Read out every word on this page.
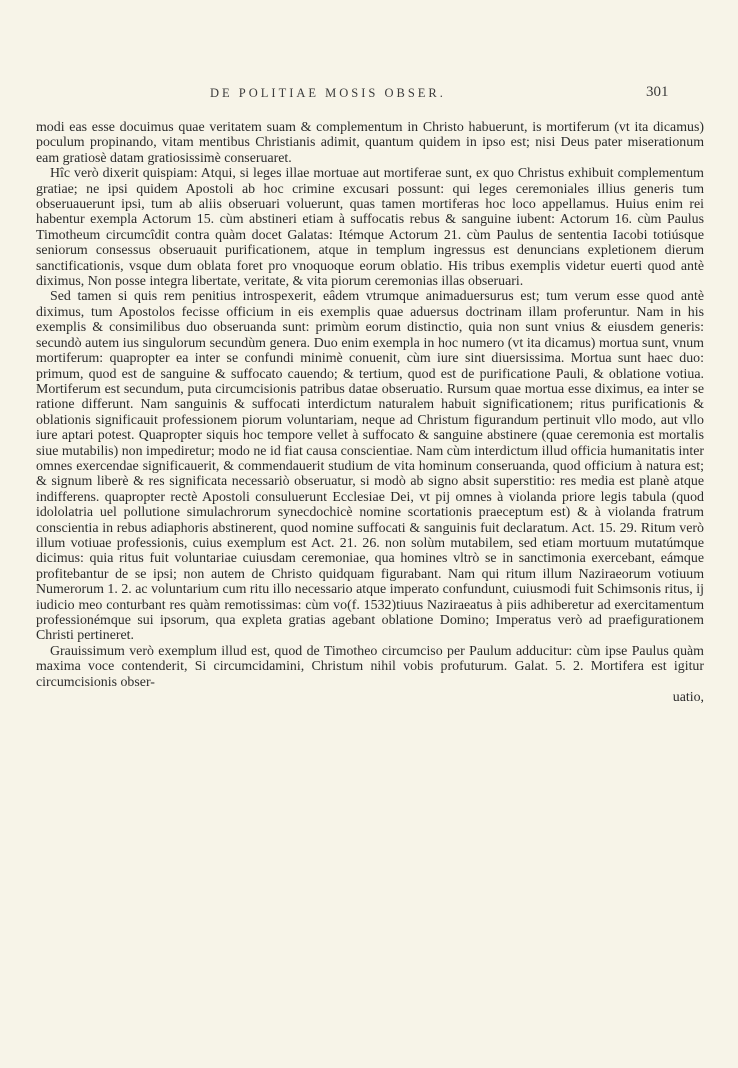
DE POLITIAE MOSIS OBSER.	301

modi eas esse docuimus quae veritatem suam & complementum in Christo habuerunt, is mortiferum (vt ita dicamus) poculum propinando, vitam mentibus Christianis adimit, quantum quidem in ipso est; nisi Deus pater miserationum eam gratiosè datam gratiosissimè conseruaret.

Hîc verò dixerit quispiam: Atqui, si leges illae mortuae aut mortiferae sunt, ex quo Christus exhibuit complementum gratiae; ne ipsi quidem Apostoli ab hoc crimine excusari possunt: qui leges ceremoniales illius generis tum obseruauerunt ipsi, tum ab aliis obseruari voluerunt, quas tamen mortiferas hoc loco appellamus. Huius enim rei habentur exempla Actorum 15. cùm abstineri etiam à suffocatis rebus & sanguine iubent: Actorum 16. cùm Paulus Timotheum circumcîdit contra quàm docet Galatas: Itémque Actorum 21. cùm Paulus de sententia Iacobi totiúsque seniorum consessus obseruauit purificationem, atque in templum ingressus est denuncians expletionem dierum sanctificationis, vsque dum oblata foret pro vnoquoque eorum oblatio. His tribus exemplis videtur euerti quod antè diximus, Non posse integra libertate, veritate, & vita piorum ceremonias illas obseruari.

Sed tamen si quis rem penitius introspexerit, eâdem vtrumque animaduersurus est; tum verum esse quod antè diximus, tum Apostolos fecisse officium in eis exemplis quae aduersus doctrinam illam proferuntur. Nam in his exemplis & consimilibus duo obseruanda sunt: primùm eorum distinctio, quia non sunt vnius & eiusdem generis: secundò autem ius singulorum secundùm genera. Duo enim exempla in hoc numero (vt ita dicamus) mortua sunt, vnum mortiferum: quapropter ea inter se confundi minimè conuenit, cùm iure sint diuersissima. Mortua sunt haec duo: primum, quod est de sanguine & suffocato cauendo; & tertium, quod est de purificatione Pauli, & oblatione votiua. Mortiferum est secundum, puta circumcisionis patribus datae obseruatio. Rursum quae mortua esse diximus, ea inter se ratione differunt. Nam sanguinis & suffocati interdictum naturalem habuit significationem; ritus purificationis & oblationis significauit professionem piorum voluntariam, neque ad Christum figurandum pertinuit vllo modo, aut vllo iure aptari potest. Quapropter siquis hoc tempore vellet à suffocato & sanguine abstinere (quae ceremonia est mortalis siue mutabilis) non impediretur; modo ne id fiat causa conscientiae. Nam cùm interdictum illud officia humanitatis inter omnes exercendae significauerit, & commendauerit studium de vita hominum conseruanda, quod officium à natura est; & signum liberè & res significata necessariò obseruatur, si modò ab signo absit superstitio: res media est planè atque indifferens. quapropter rectè Apostoli consuluerunt Ecclesiae Dei, vt pij omnes à violanda priore legis tabula (quod idololatria uel pollutione simulachrorum synecdochicè nomine scortationis praeceptum est) & à violanda fratrum conscientia in rebus adiaphoris abstinerent, quod nomine suffocati & sanguinis fuit declaratum. Act. 15. 29. Ritum verò illum votiuae professionis, cuius exemplum est Act. 21. 26. non solùm mutabilem, sed etiam mortuum mutatúmque dicimus: quia ritus fuit voluntariae cuiusdam ceremoniae, qua homines vltrò se in sanctimonia exercebant, eámque profitebantur de se ipsi; non autem de Christo quidquam figurabant. Nam qui ritum illum Naziraeorum votiuum Numerorum 1. 2. ac voluntarium cum ritu illo necessario atque imperato confundunt, cuiusmodi fuit Schimsonis ritus, ij iudicio meo conturbant res quàm remotissimas: cùm vo(f. 1532)tiuus Naziraeatus à piis adhiberetur ad exercitamentum professionémque sui ipsorum, qua expleta gratias agebant oblatione Domino; Imperatus verò ad praefigurationem Christi pertineret.

Grauissimum verò exemplum illud est, quod de Timotheo circumciso per Paulum adducitur: cùm ipse Paulus quàm maxima voce contenderit, Si circumcidamini, Christum nihil vobis profuturum. Galat. 5. 2. Mortifera est igitur circumcisionis obser-

uatio,
